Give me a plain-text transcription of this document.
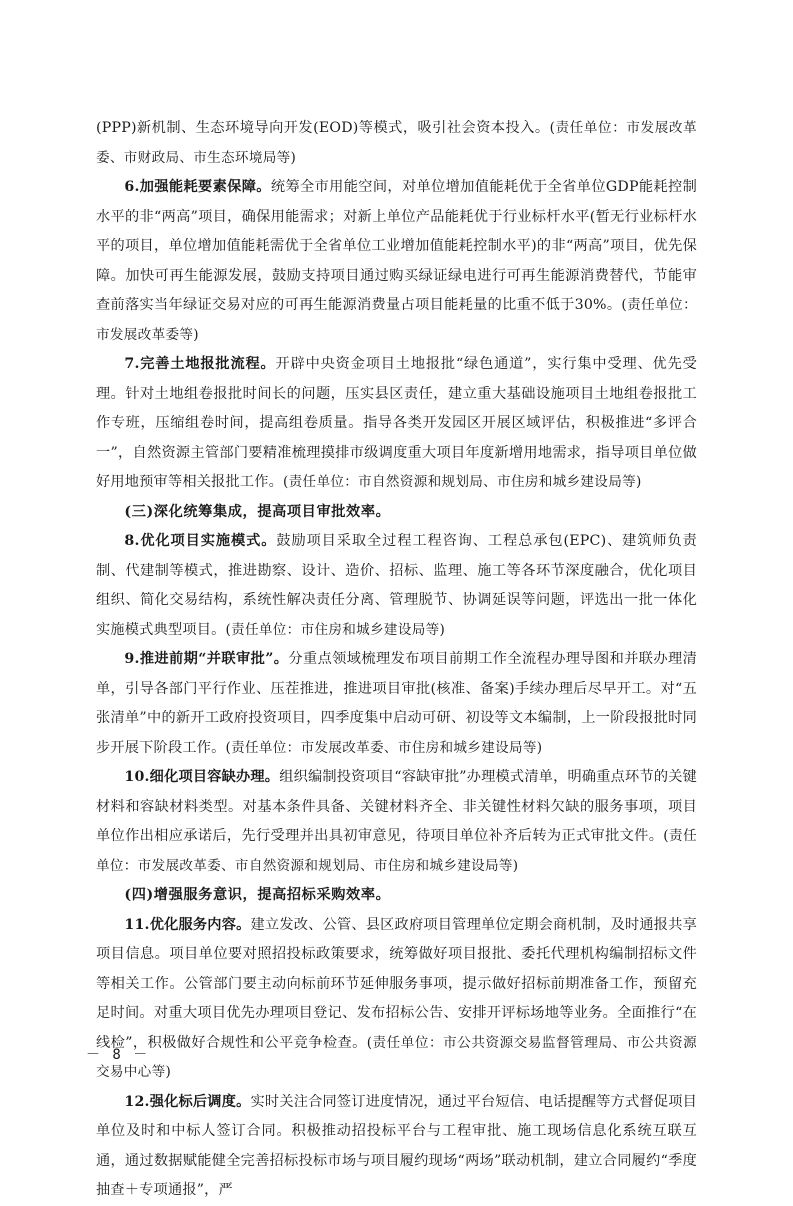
(PPP)新机制、生态环境导向开发(EOD)等模式，吸引社会资本投入。(责任单位：市发展改革委、市财政局、市生态环境局等)

6.加强能耗要素保障。统筹全市用能空间，对单位增加值能耗优于全省单位GDP能耗控制水平的非“两高”项目，确保用能需求；对新上单位产品能耗优于行业标杆水平(暂无行业标杆水平的项目，单位增加值能耗需优于全省单位工业增加值能耗控制水平)的非“两高”项目，优先保障。加快可再生能源发展，鼓励支持项目通过购买绿证绿电进行可再生能源消费替代，节能审查前落实当年绿证交易对应的可再生能源消费量占项目能耗量的比重不低于30%。(责任单位：市发展改革委等)

7.完善土地报批流程。开辟中央资金项目土地报批“绿色通道”，实行集中受理、优先受理。针对土地组卷报批时间长的问题，压实县区责任，建立重大基础设施项目土地组卷报批工作专班，压缩组卷时间，提高组卷质量。指导各类开发园区开展区域评估，积极推进“多评合一”，自然资源主管部门要精准梳理摸排市级调度重大项目年度新增用地需求，指导项目单位做好用地预审等相关报批工作。(责任单位：市自然资源和规划局、市住房和城乡建设局等)

(三)深化统筹集成，提高项目审批效率。

8.优化项目实施模式。鼓励项目采取全过程工程咨询、工程总承包(EPC)、建筑师负责制、代建制等模式，推进勘察、设计、造价、招标、监理、施工等各环节深度融合，优化项目组织、简化交易结构，系统性解决责任分离、管理脱节、协调延误等问题，评选出一批一体化实施模式典型项目。(责任单位：市住房和城乡建设局等)

9.推进前期“并联审批”。分重点领域梳理发布项目前期工作全流程办理导图和并联办理清单，引导各部门平行作业、压茬推进，推进项目审批(核准、备案)手续办理后尽早开工。对“五张清单”中的新开工政府投资项目，四季度集中启动可研、初设等文本编制，上一阶段报批时同步开展下阶段工作。(责任单位：市发展改革委、市住房和城乡建设局等)

10.细化项目容缺办理。组织编制投资项目“容缺审批”办理模式清单，明确重点环节的关键材料和容缺材料类型。对基本条件具备、关键材料齐全、非关键性材料欠缺的服务事项，项目单位作出相应承诺后，先行受理并出具初审意见，待项目单位补齐后转为正式审批文件。(责任单位：市发展改革委、市自然资源和规划局、市住房和城乡建设局等)

(四)增强服务意识，提高招标采购效率。

11.优化服务内容。建立发改、公管、县区政府项目管理单位定期会商机制，及时通报共享项目信息。项目单位要对照招投标政策要求，统筹做好项目报批、委托代理机构编制招标文件等相关工作。公管部门要主动向标前环节延伸服务事项，提示做好招标前期准备工作，预留充足时间。对重大项目优先办理项目登记、发布招标公告、安排开评标场地等业务。全面推行“在线检”，积极做好合规性和公平竞争检查。(责任单位：市公共资源交易监督管理局、市公共资源交易中心等)

12.强化标后调度。实时关注合同签订进度情况，通过平台短信、电话提醒等方式督促项目单位及时和中标人签订合同。积极推动招投标平台与工程审批、施工现场信息化系统互联互通，通过数据赋能健全完善招标投标市场与项目履约现场“两场”联动机制，建立合同履约“季度抽查＋专项通报”，严

－ 8 －
